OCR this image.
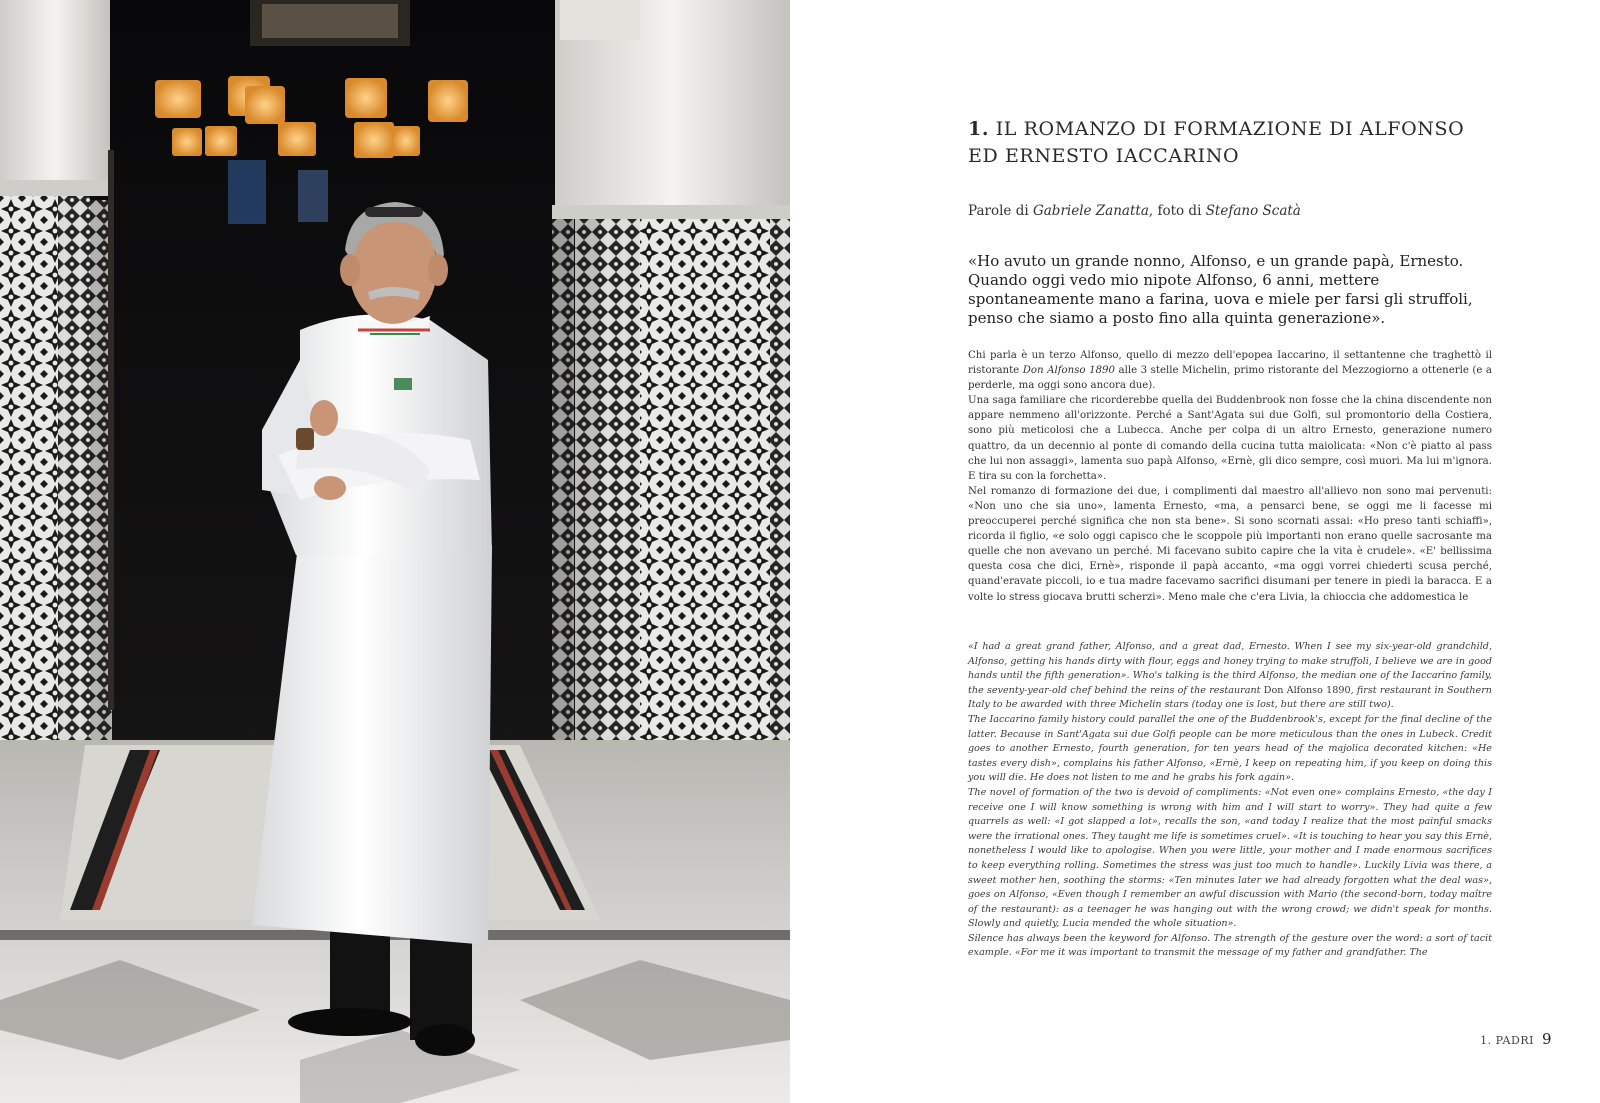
1. IL ROMANZO DI FORMAZIONE DI ALFONSO
ED ERNESTO IACCARINO
Parole di Gabriele Zanatta, foto di Stefano Scatà
«Ho avuto un grande nonno, Alfonso, e un grande papà, Ernesto. Quando oggi vedo mio nipote Alfonso, 6 anni, mettere spontaneamente mano a farina, uova e miele per farsi gli struffoli, penso che siamo a posto fino alla quinta generazione».

Chi parla è un terzo Alfonso, quello di mezzo dell'epopea Iaccarino, il settantenne che traghettò il ristorante Don Alfonso 1890 alle 3 stelle Michelin, primo ristorante del Mezzogiorno a ottenerle (e a perderle, ma oggi sono ancora due).

Una saga familiare che ricorderebbe quella dei Buddenbrook non fosse che la china discendente non appare nemmeno all'orizzonte. Perché a Sant'Agata sui due Golfi, sul promontorio della Costiera, sono più meticolosi che a Lubecca. Anche per colpa di un altro Ernesto, generazione numero quattro, da un decennio al ponte di comando della cucina tutta maiolicata: «Non c'è piatto al pass che lui non assaggi», lamenta suo papà Alfonso, «Ernè, gli dico sempre, così muori. Ma lui m'ignora. E tira su con la forchetta».

Nel romanzo di formazione dei due, i complimenti dal maestro all'allievo non sono mai pervenuti: «Non uno che sia uno», lamenta Ernesto, «ma, a pensarci bene, se oggi me li facesse mi preoccuperei perché significa che non sta bene». Si sono scornati assai: «Ho preso tanti schiaffi», ricorda il figlio, «e solo oggi capisco che le scoppole più importanti non erano quelle sacrosante ma quelle che non avevano un perché. Mi facevano subito capire che la vita è crudele». «E' bellissima questa cosa che dici, Ernè», risponde il papà accanto, «ma oggi vorrei chiederti scusa perché, quand'eravate piccoli, io e tua madre facevamo sacrifici disumani per tenere in piedi la baracca. E a volte lo stress giocava brutti scherzi». Meno male che c'era Livia, la chioccia che addomestica le

«I had a great grand father, Alfonso, and a great dad, Ernesto. When I see my six-year-old grandchild, Alfonso, getting his hands dirty with flour, eggs and honey trying to make struffoli, I believe we are in good hands until the fifth generation». Who's talking is the third Alfonso, the median one of the Iaccarino family, the seventy-year-old chef behind the reins of the restaurant Don Alfonso 1890, first restaurant in Southern Italy to be awarded with three Michelin stars (today one is lost, but there are still two).

The Iaccarino family history could parallel the one of the Buddenbrook's, except for the final decline of the latter. Because in Sant'Agata sui due Golfi people can be more meticulous than the ones in Lubeck. Credit goes to another Ernesto, fourth generation, for ten years head of the majolica decorated kitchen: «He tastes every dish», complains his father Alfonso, «Ernè, I keep on repeating him, if you keep on doing this you will die. He does not listen to me and he grabs his fork again».

The novel of formation of the two is devoid of compliments: «Not even one» complains Ernesto, «the day I receive one I will know something is wrong with him and I will start to worry». They had quite a few quarrels as well: «I got slapped a lot», recalls the son, «and today I realize that the most painful smacks were the irrational ones. They taught me life is sometimes cruel». «It is touching to hear you say this Ernè, nonetheless I would like to apologise. When you were little, your mother and I made enormous sacrifices to keep everything rolling. Sometimes the stress was just too much to handle». Luckily Livia was there, a sweet mother hen, soothing the storms: «Ten minutes later we had already forgotten what the deal was», goes on Alfonso, «Even though I remember an awful discussion with Mario (the second-born, today maître of the restaurant): as a teenager he was hanging out with the wrong crowd; we didn't speak for months. Slowly and quietly, Lucia mended the whole situation».

Silence has always been the keyword for Alfonso. The strength of the gesture over the word: a sort of tacit example. «For me it was important to transmit the message of my father and grandfather. The

1. PADRI 9
